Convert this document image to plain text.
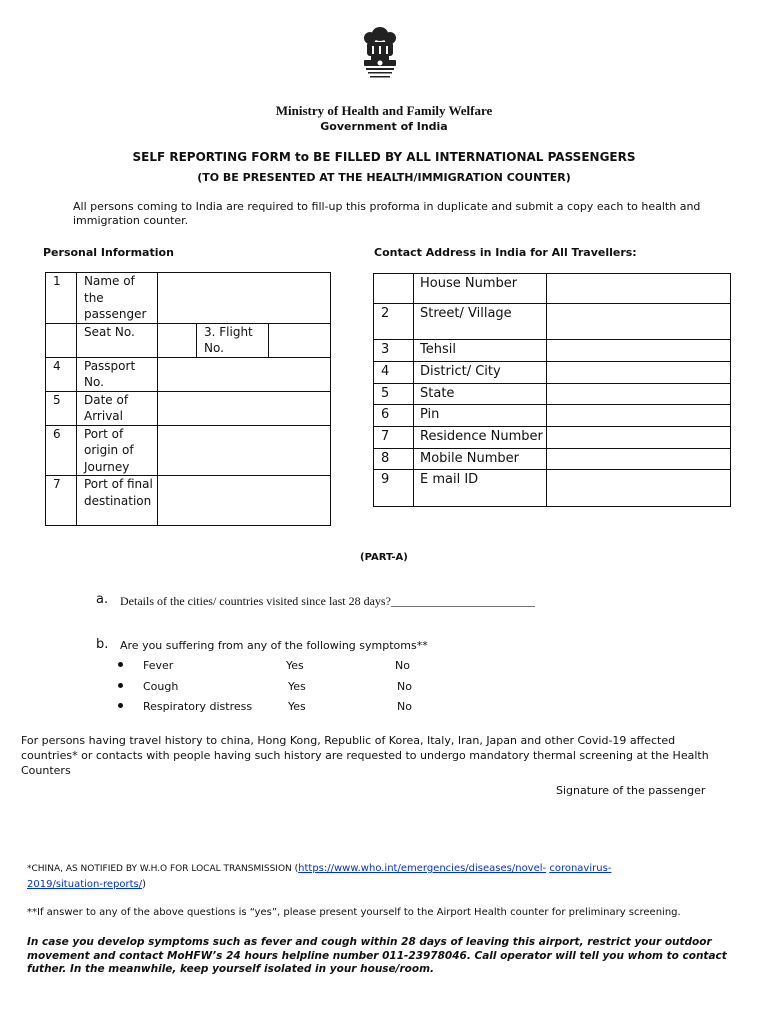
Ministry of Health and Family Welfare
Government of India
SELF REPORTING FORM to BE FILLED BY ALL INTERNATIONAL PASSENGERS
(TO BE PRESENTED AT THE HEALTH/IMMIGRATION COUNTER)
All persons coming to India are required to fill-up this proforma in duplicate and submit a copy each to health and immigration counter.
Personal Information	Contact Address in India for All Travellers:
1	Name of the passenger			
	Seat No.		3. Flight No.	
4	Passport No.			
5	Date of Arrival			
6	Port of origin of Journey			
7	Port of final destination			
	House Number	
2	Street/ Village	
3	Tehsil	
4	District/ City	
5	State	
6	Pin	
7	Residence Number	
8	Mobile Number	
9	E mail ID	
(PART-A)
a. Details of the cities/ countries visited since last 28 days?________________________
b. Are you suffering from any of the following symptoms**
Fever	Yes	No
Cough	Yes	No
Respiratory distress	Yes	No
For persons having travel history to china, Hong Kong, Republic of Korea, Italy, Iran, Japan and other Covid-19 affected countries* or contacts with people having such history are requested to undergo mandatory thermal screening at the Health Counters
Signature of the passenger
*CHINA, AS NOTIFIED BY W.H.O FOR LOCAL TRANSMISSION (https://www.who.int/emergencies/diseases/novel- coronavirus-
2019/situation-reports/)
**If answer to any of the above questions is “yes”, please present yourself to the Airport Health counter for preliminary screening.
In case you develop symptoms such as fever and cough within 28 days of leaving this airport, restrict your outdoor movement and contact MoHFW’s 24 hours helpline number 011-23978046. Call operator will tell you whom to contact futher. In the meanwhile, keep yourself isolated in your house/room.
